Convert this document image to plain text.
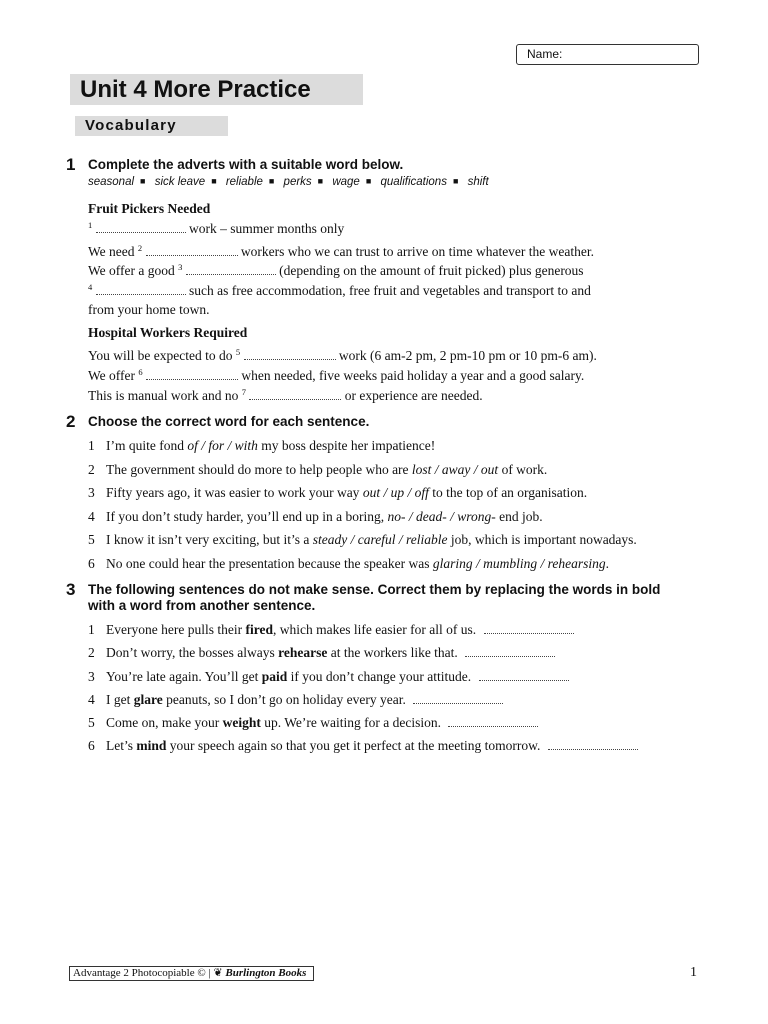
Name:
Unit 4 More Practice
Vocabulary
1 Complete the adverts with a suitable word below.
seasonal ■ sick leave ■ reliable ■ perks ■ wage ■ qualifications ■ shift
Fruit Pickers Needed
$^1$	work – summer months only
We need $^2$	workers who we can trust to arrive on time whatever the weather.
We offer a good $^3$	(depending on the amount of fruit picked) plus generous
$^4$	such as free accommodation, free fruit and vegetables and transport to and
from your home town.
Hospital Workers Required
You will be expected to do $^5$	work (6 am-2 pm, 2 pm-10 pm or 10 pm-6 am).
We offer $^6$	when needed, five weeks paid holiday a year and a good salary.
This is manual work and no $^7$	or experience are needed.
2 Choose the correct word for each sentence.
1 I’m quite fond of / for / with my boss despite her impatience!
2 The government should do more to help people who are lost / away / out of work.
3 Fifty years ago, it was easier to work your way out / up / off to the top of an organisation.
4 If you don’t study harder, you’ll end up in a boring, no- / dead- / wrong- end job.
5 I know it isn’t very exciting, but it’s a steady / careful / reliable job, which is important nowadays.
6 No one could hear the presentation because the speaker was glaring / mumbling / rehearsing.
3 The following sentences do not make sense. Correct them by replacing the words in bold
with a word from another sentence.
1 Everyone here pulls their fired, which makes life easier for all of us.
2 Don’t worry, the bosses always rehearse at the workers like that.
3 You’re late again. You’ll get paid if you don’t change your attitude.
4 I get glare peanuts, so I don’t go on holiday every year.
5 Come on, make your weight up. We’re waiting for a decision.
6 Let’s mind your speech again so that you get it perfect at the meeting tomorrow.
Advantage 2 Photocopiable © | ❦ Burlington Books	1
